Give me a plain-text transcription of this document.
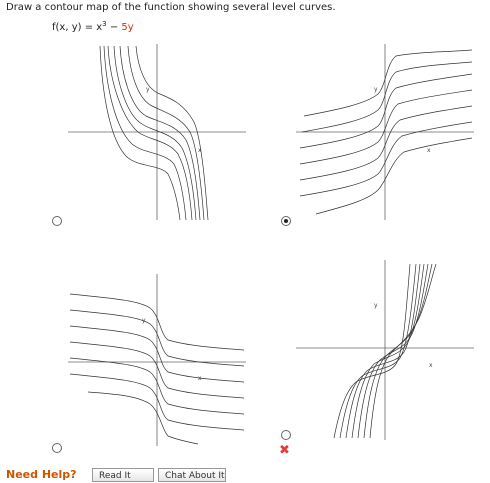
Draw a contour map of the function showing several level curves.
f(x, $y) = x^3 - 5y$
y
x
y
x
y
x
y
x
✖
Need Help?	Read It	Chat About It
